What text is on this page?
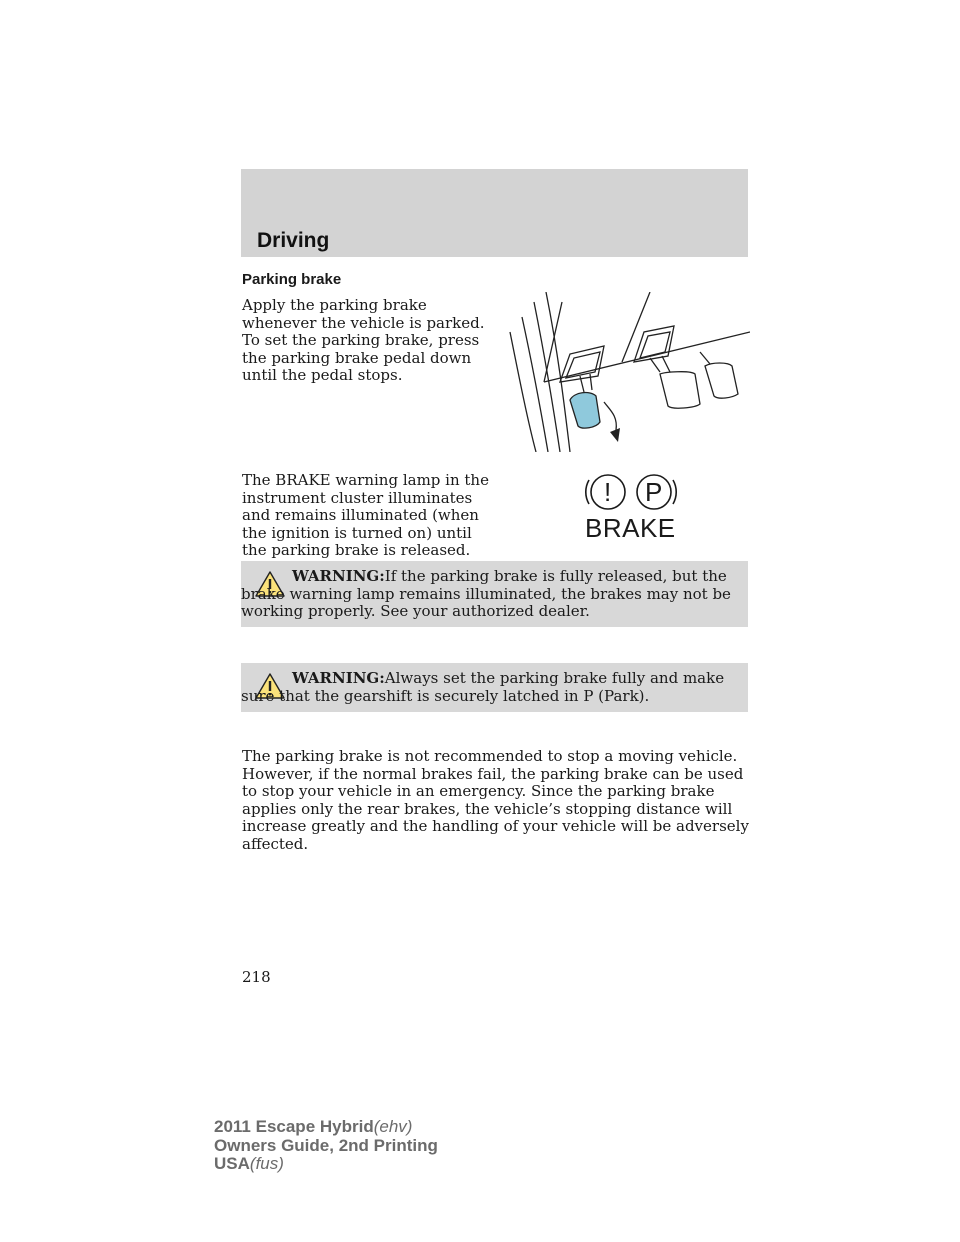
Driving
Parking brake
Apply the parking brake whenever the vehicle is parked. To set the parking brake, press the parking brake pedal down until the pedal stops.
The BRAKE warning lamp in the instrument cluster illuminates and remains illuminated (when the ignition is turned on) until the parking brake is released.
! P
BRAKE
WARNING:If the parking brake is fully released, but the brake warning lamp remains illuminated, the brakes may not be working properly. See your authorized dealer.
WARNING:Always set the parking brake fully and make sure that the gearshift is securely latched in P (Park).
The parking brake is not recommended to stop a moving vehicle. However, if the normal brakes fail, the parking brake can be used to stop your vehicle in an emergency. Since the parking brake applies only the rear brakes, the vehicle’s stopping distance will increase greatly and the handling of your vehicle will be adversely affected.
218
2011 Escape Hybrid(ehv)
Owners Guide, 2nd Printing
USA(fus)
